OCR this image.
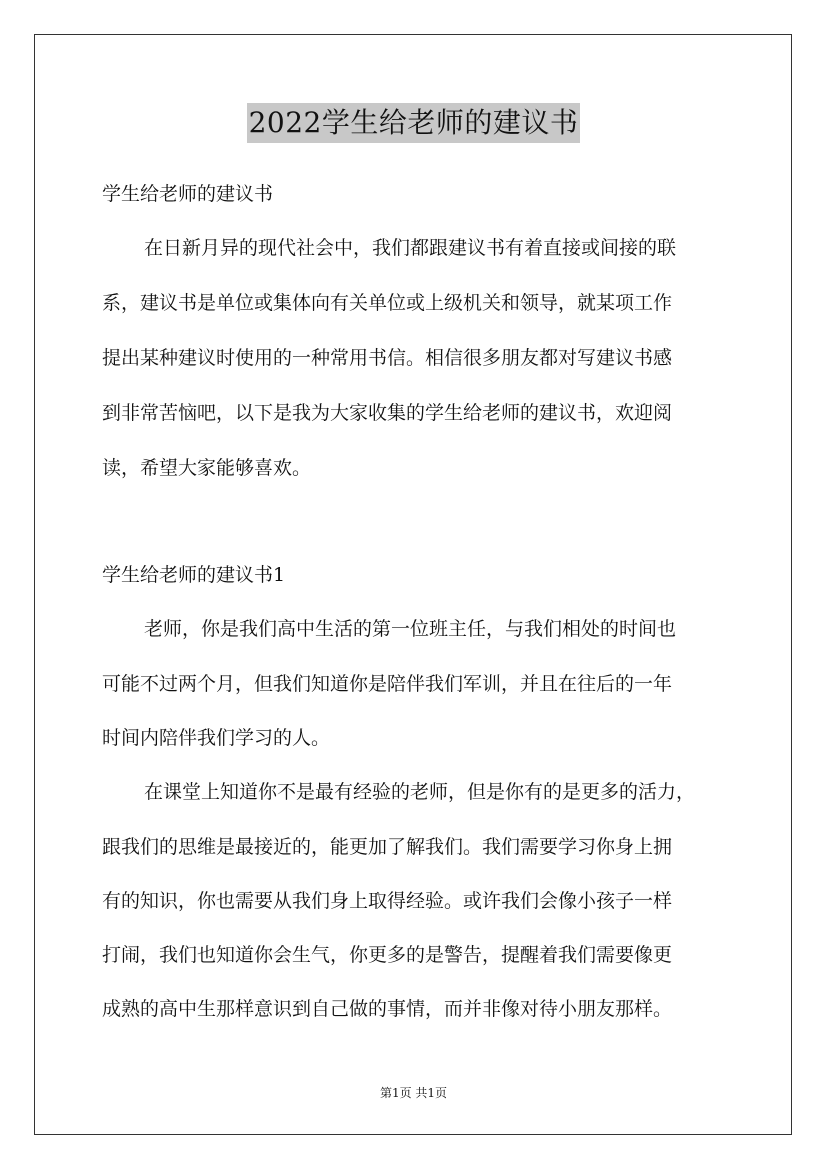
2022学生给老师的建议书
学生给老师的建议书
在日新月异的现代社会中，我们都跟建议书有着直接或间接的联
系，建议书是单位或集体向有关单位或上级机关和领导，就某项工作
提出某种建议时使用的一种常用书信。相信很多朋友都对写建议书感
到非常苦恼吧，以下是我为大家收集的学生给老师的建议书，欢迎阅
读，希望大家能够喜欢。
学生给老师的建议书1
老师，你是我们高中生活的第一位班主任，与我们相处的时间也
可能不过两个月，但我们知道你是陪伴我们军训，并且在往后的一年
时间内陪伴我们学习的人。
在课堂上知道你不是最有经验的老师，但是你有的是更多的活力，
跟我们的思维是最接近的，能更加了解我们。我们需要学习你身上拥
有的知识，你也需要从我们身上取得经验。或许我们会像小孩子一样
打闹，我们也知道你会生气，你更多的是警告，提醒着我们需要像更
成熟的高中生那样意识到自己做的事情，而并非像对待小朋友那样。
第1页 共1页
